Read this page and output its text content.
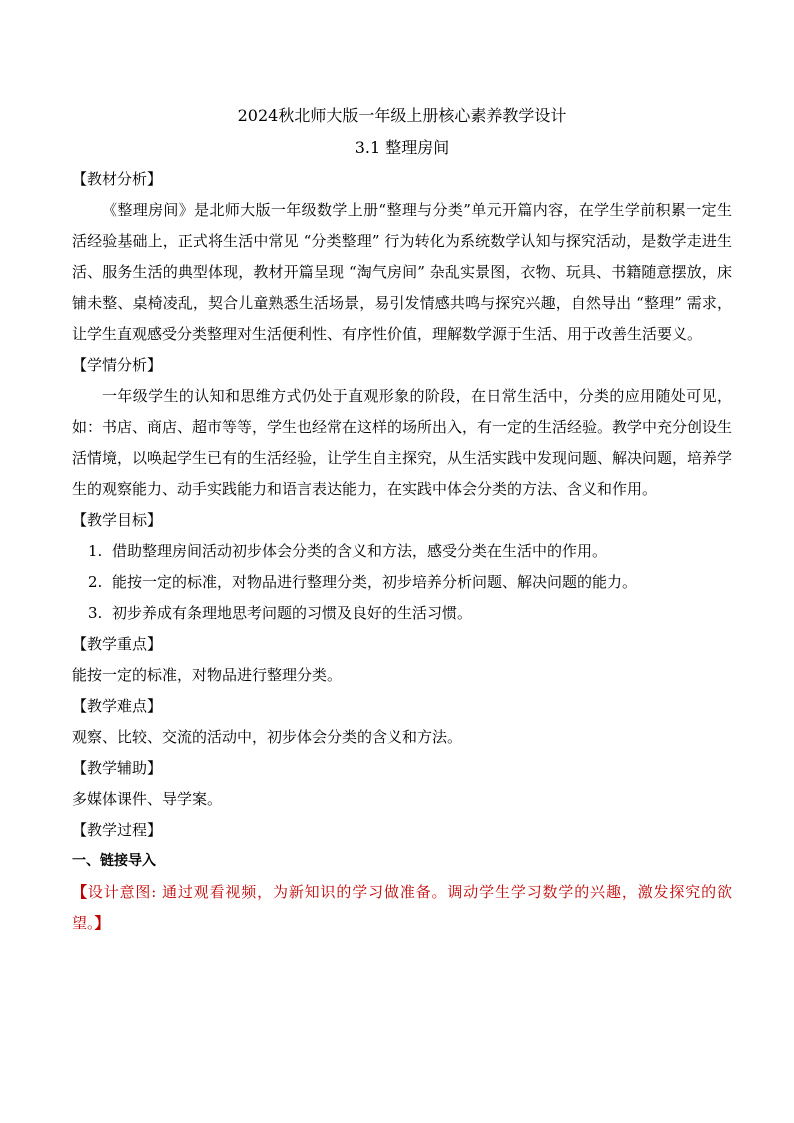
2024秋北师大版一年级上册核心素养教学设计
3.1 整理房间

【教材分析】

《整理房间》是北师大版一年级数学上册“整理与分类”单元开篇内容，在学生学前积累一定生活经验基础上，正式将生活中常见 “分类整理” 行为转化为系统数学认知与探究活动，是数学走进生活、服务生活的典型体现，教材开篇呈现 “淘气房间” 杂乱实景图，衣物、玩具、书籍随意摆放，床铺未整、桌椅凌乱，契合儿童熟悉生活场景，易引发情感共鸣与探究兴趣，自然导出 “整理” 需求，让学生直观感受分类整理对生活便利性、有序性价值，理解数学源于生活、用于改善生活要义。

【学情分析】

一年级学生的认知和思维方式仍处于直观形象的阶段，在日常生活中，分类的应用随处可见，如：书店、商店、超市等等，学生也经常在这样的场所出入，有一定的生活经验。教学中充分创设生活情境，以唤起学生已有的生活经验，让学生自主探究，从生活实践中发现问题、解决问题，培养学生的观察能力、动手实践能力和语言表达能力，在实践中体会分类的方法、含义和作用。

【教学目标】

1. 借助整理房间活动初步体会分类的含义和方法，感受分类在生活中的作用。
2. 能按一定的标准，对物品进行整理分类，初步培养分析问题、解决问题的能力。
3. 初步养成有条理地思考问题的习惯及良好的生活习惯。

【教学重点】

能按一定的标准，对物品进行整理分类。

【教学难点】

观察、比较、交流的活动中，初步体会分类的含义和方法。

【教学辅助】

多媒体课件、导学案。

【教学过程】

一、链接导入

【设计意图: 通过观看视频，为新知识的学习做准备。调动学生学习数学的兴趣，激发探究的欲望。】
